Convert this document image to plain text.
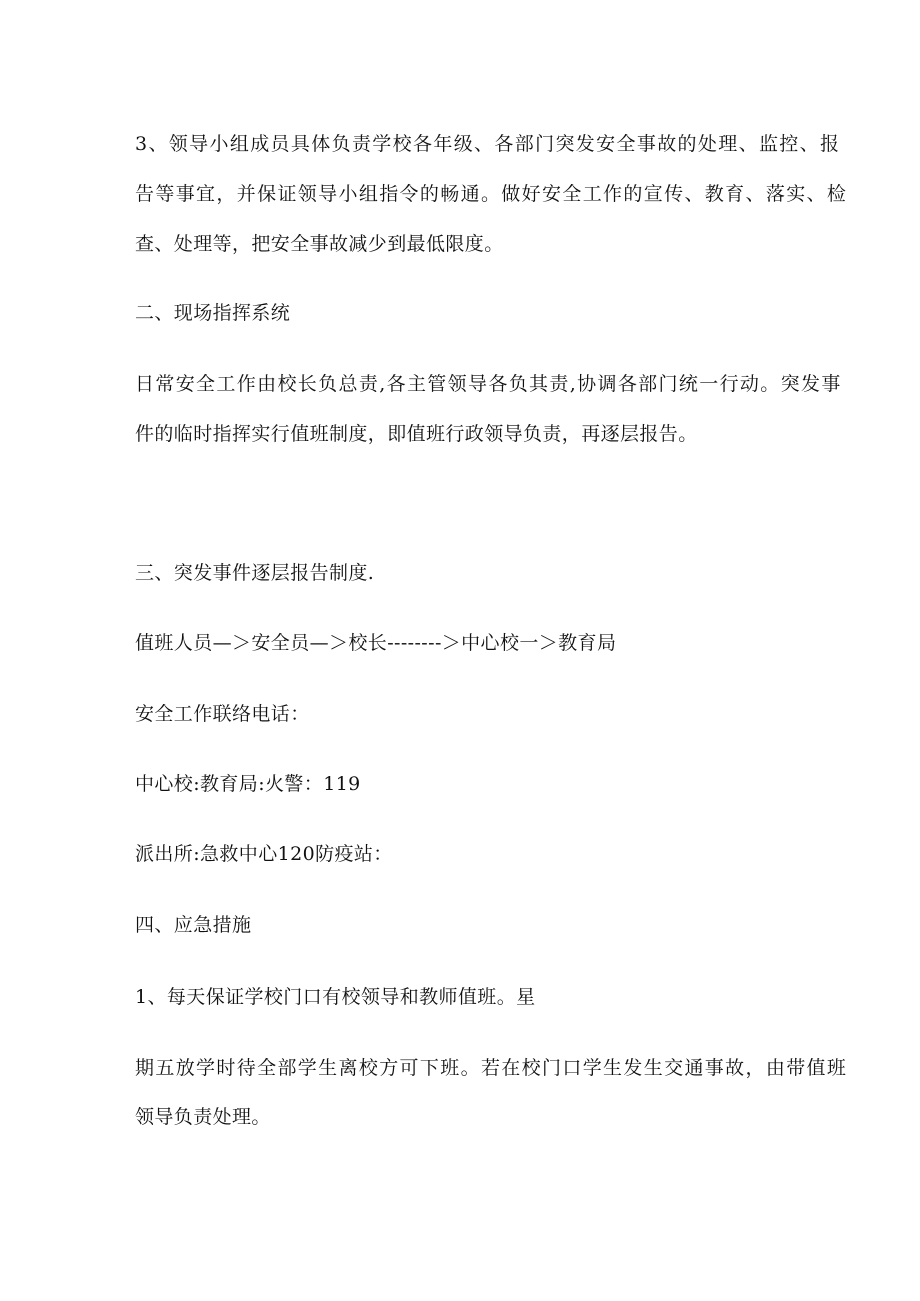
3、领导小组成员具体负责学校各年级、各部门突发安全事故的处理、监控、报
告等事宜，并保证领导小组指令的畅通。做好安全工作的宣传、教育、落实、检
查、处理等，把安全事故减少到最低限度。
二、现场指挥系统
日常安全工作由校长负总责,各主管领导各负其责,协调各部门统一行动。突发事
件的临时指挥实行值班制度，即值班行政领导负责，再逐层报告。
三、突发事件逐层报告制度.
值班人员—＞安全员—＞校长--------＞中心校一＞教育局
安全工作联络电话：
中心校:教育局:火警：119
派出所:急救中心120防疫站：
四、应急措施
1、每天保证学校门口有校领导和教师值班。星
期五放学时待全部学生离校方可下班。若在校门口学生发生交通事故，由带值班
领导负责处理。
